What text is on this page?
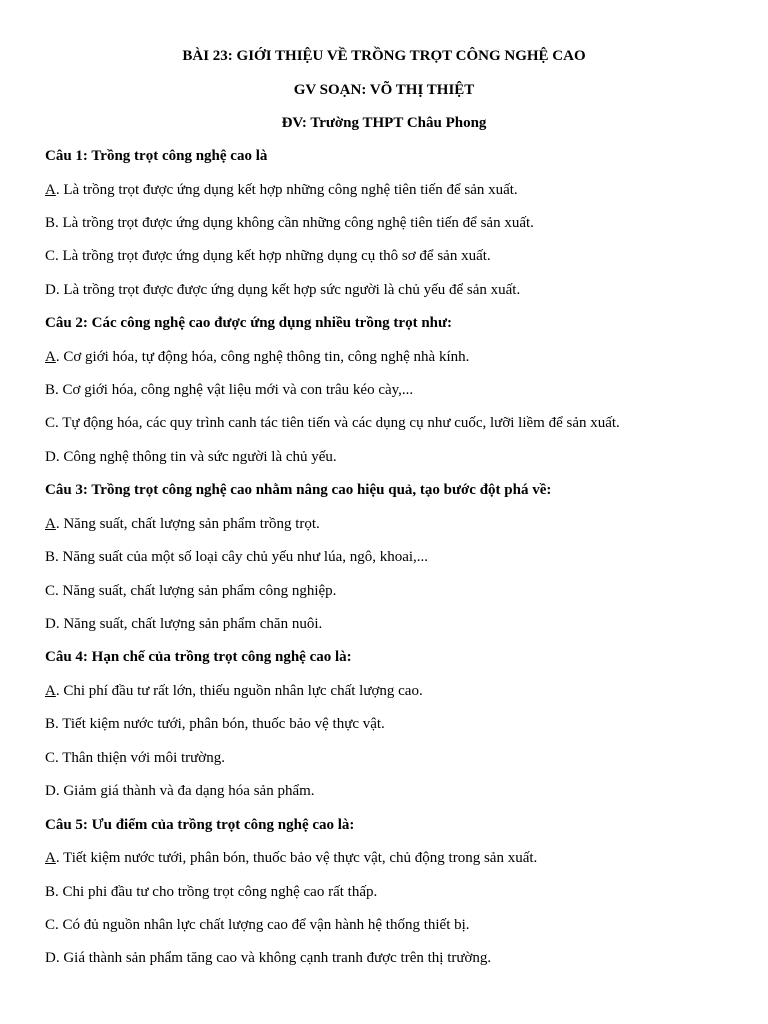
BÀI 23: GIỚI THIỆU VỀ TRỒNG TRỌT CÔNG NGHỆ CAO
GV SOẠN: VÕ THỊ THIỆT
ĐV: Trường THPT Châu Phong
Câu 1: Trồng trọt công nghệ cao là
A. Là trồng trọt được ứng dụng kết hợp những công nghệ tiên tiến để sản xuất.
B. Là trồng trọt được ứng dụng không cần những công nghệ tiên tiến để sản xuất.
C. Là trồng trọt được ứng dụng kết hợp những dụng cụ thô sơ để sản xuất.
D. Là trồng trọt được được ứng dụng kết hợp sức người là chủ yếu để sản xuất.
Câu 2: Các công nghệ cao được ứng dụng nhiều trồng trọt như:
A. Cơ giới hóa, tự động hóa, công nghệ thông tin, công nghệ nhà kính.
B. Cơ giới hóa, công nghệ vật liệu mới và con trâu kéo cày,...
C. Tự động hóa, các quy trình canh tác tiên tiến và các dụng cụ như cuốc, lưỡi liềm để sản xuất.
D. Công nghệ thông tin và sức người là chủ yếu.
Câu 3: Trồng trọt công nghệ cao nhằm nâng cao hiệu quả, tạo bước đột phá về:
A. Năng suất, chất lượng sản phẩm trồng trọt.
B. Năng suất của một số loại cây chủ yếu như lúa, ngô, khoai,...
C. Năng suất, chất lượng sản phẩm công nghiệp.
D. Năng suất, chất lượng sản phẩm chăn nuôi.
Câu 4: Hạn chế của trồng trọt công nghệ cao là:
A. Chi phí đầu tư rất lớn, thiếu nguồn nhân lực chất lượng cao.
B. Tiết kiệm nước tưới, phân bón, thuốc bảo vệ thực vật.
C. Thân thiện với môi trường.
D. Giảm giá thành và đa dạng hóa sản phẩm.
Câu 5: Ưu điểm của trồng trọt công nghệ cao là:
A. Tiết kiệm nước tưới, phân bón, thuốc bảo vệ thực vật, chủ động trong sản xuất.
B. Chi phi đầu tư cho trồng trọt công nghệ cao rất thấp.
C. Có đủ nguồn nhân lực chất lượng cao để vận hành hệ thống thiết bị.
D. Giá thành sản phẩm tăng cao và không cạnh tranh được trên thị trường.
